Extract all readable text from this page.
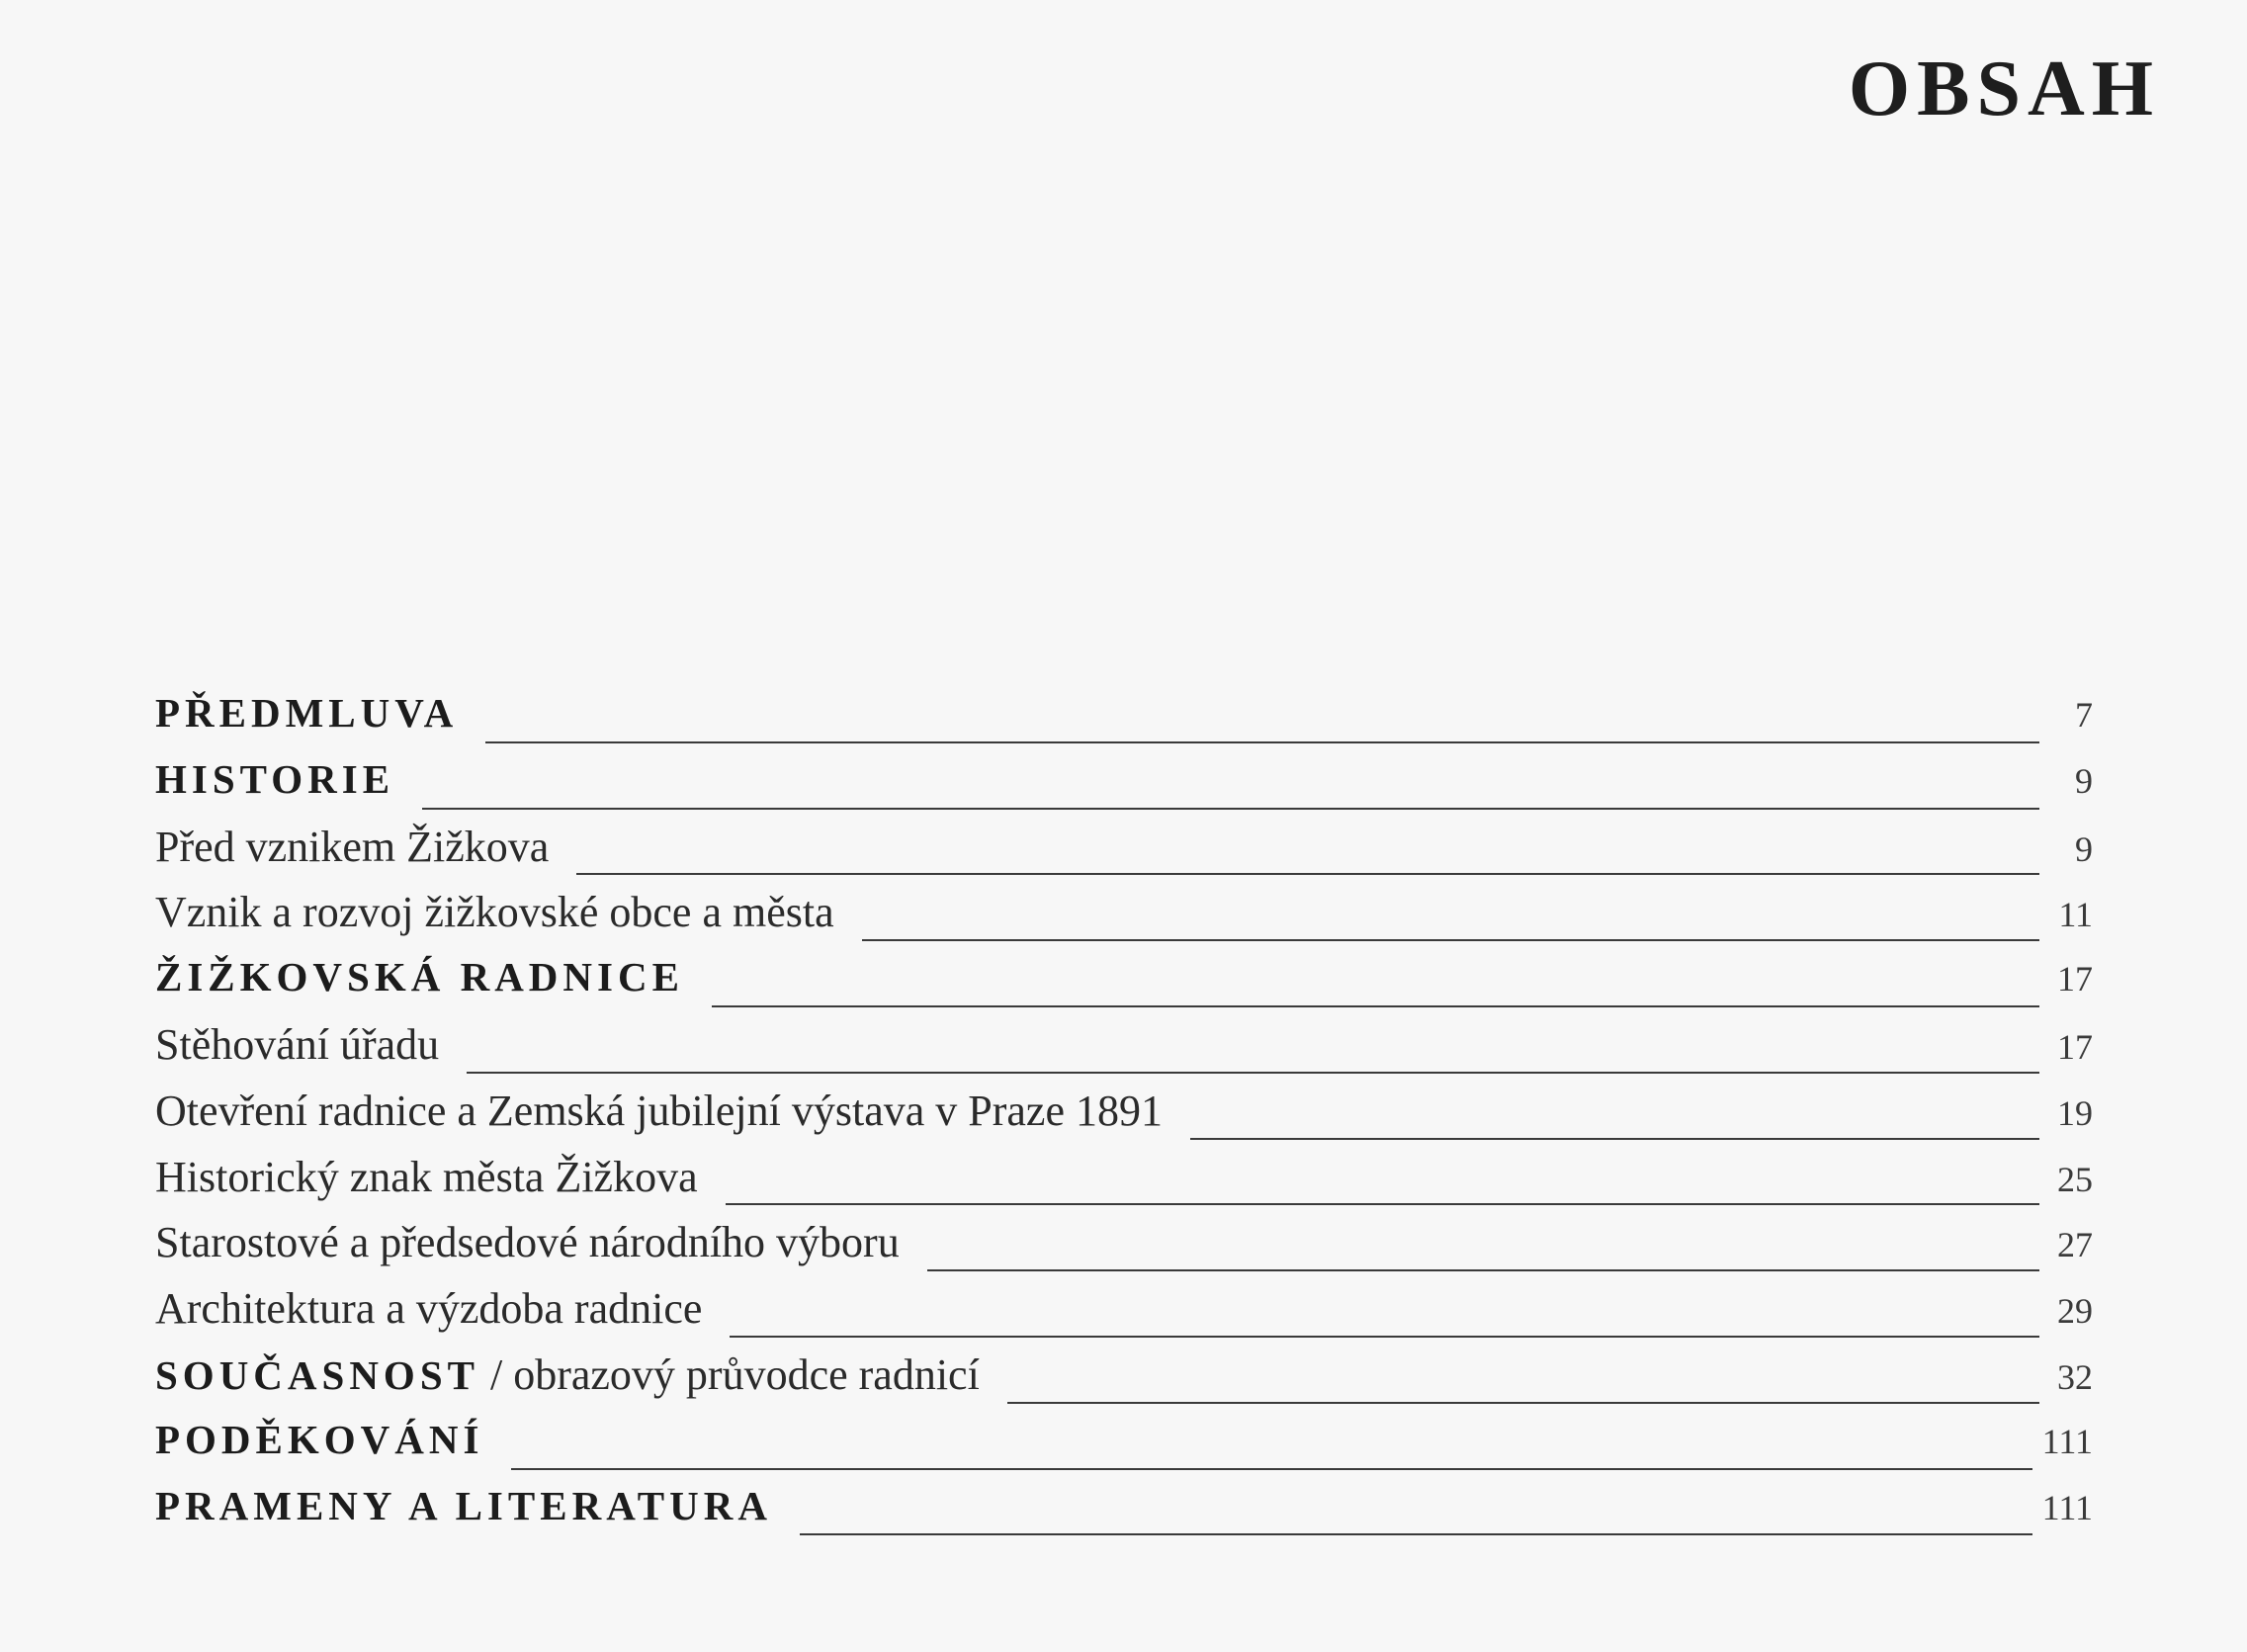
OBSAH
PŘEDMLUVA	7
HISTORIE	9
Před vznikem Žižkova	9
Vznik a rozvoj žižkovské obce a města	11
ŽIŽKOVSKÁ RADNICE	17
Stěhování úřadu	17
Otevření radnice a Zemská jubilejní výstava v Praze 1891	19
Historický znak města Žižkova	25
Starostové a předsedové národního výboru	27
Architektura a výzdoba radnice	29
SOUČASNOST / obrazový průvodce radnicí	32
PODĚKOVÁNÍ	111
PRAMENY A LITERATURA	111
